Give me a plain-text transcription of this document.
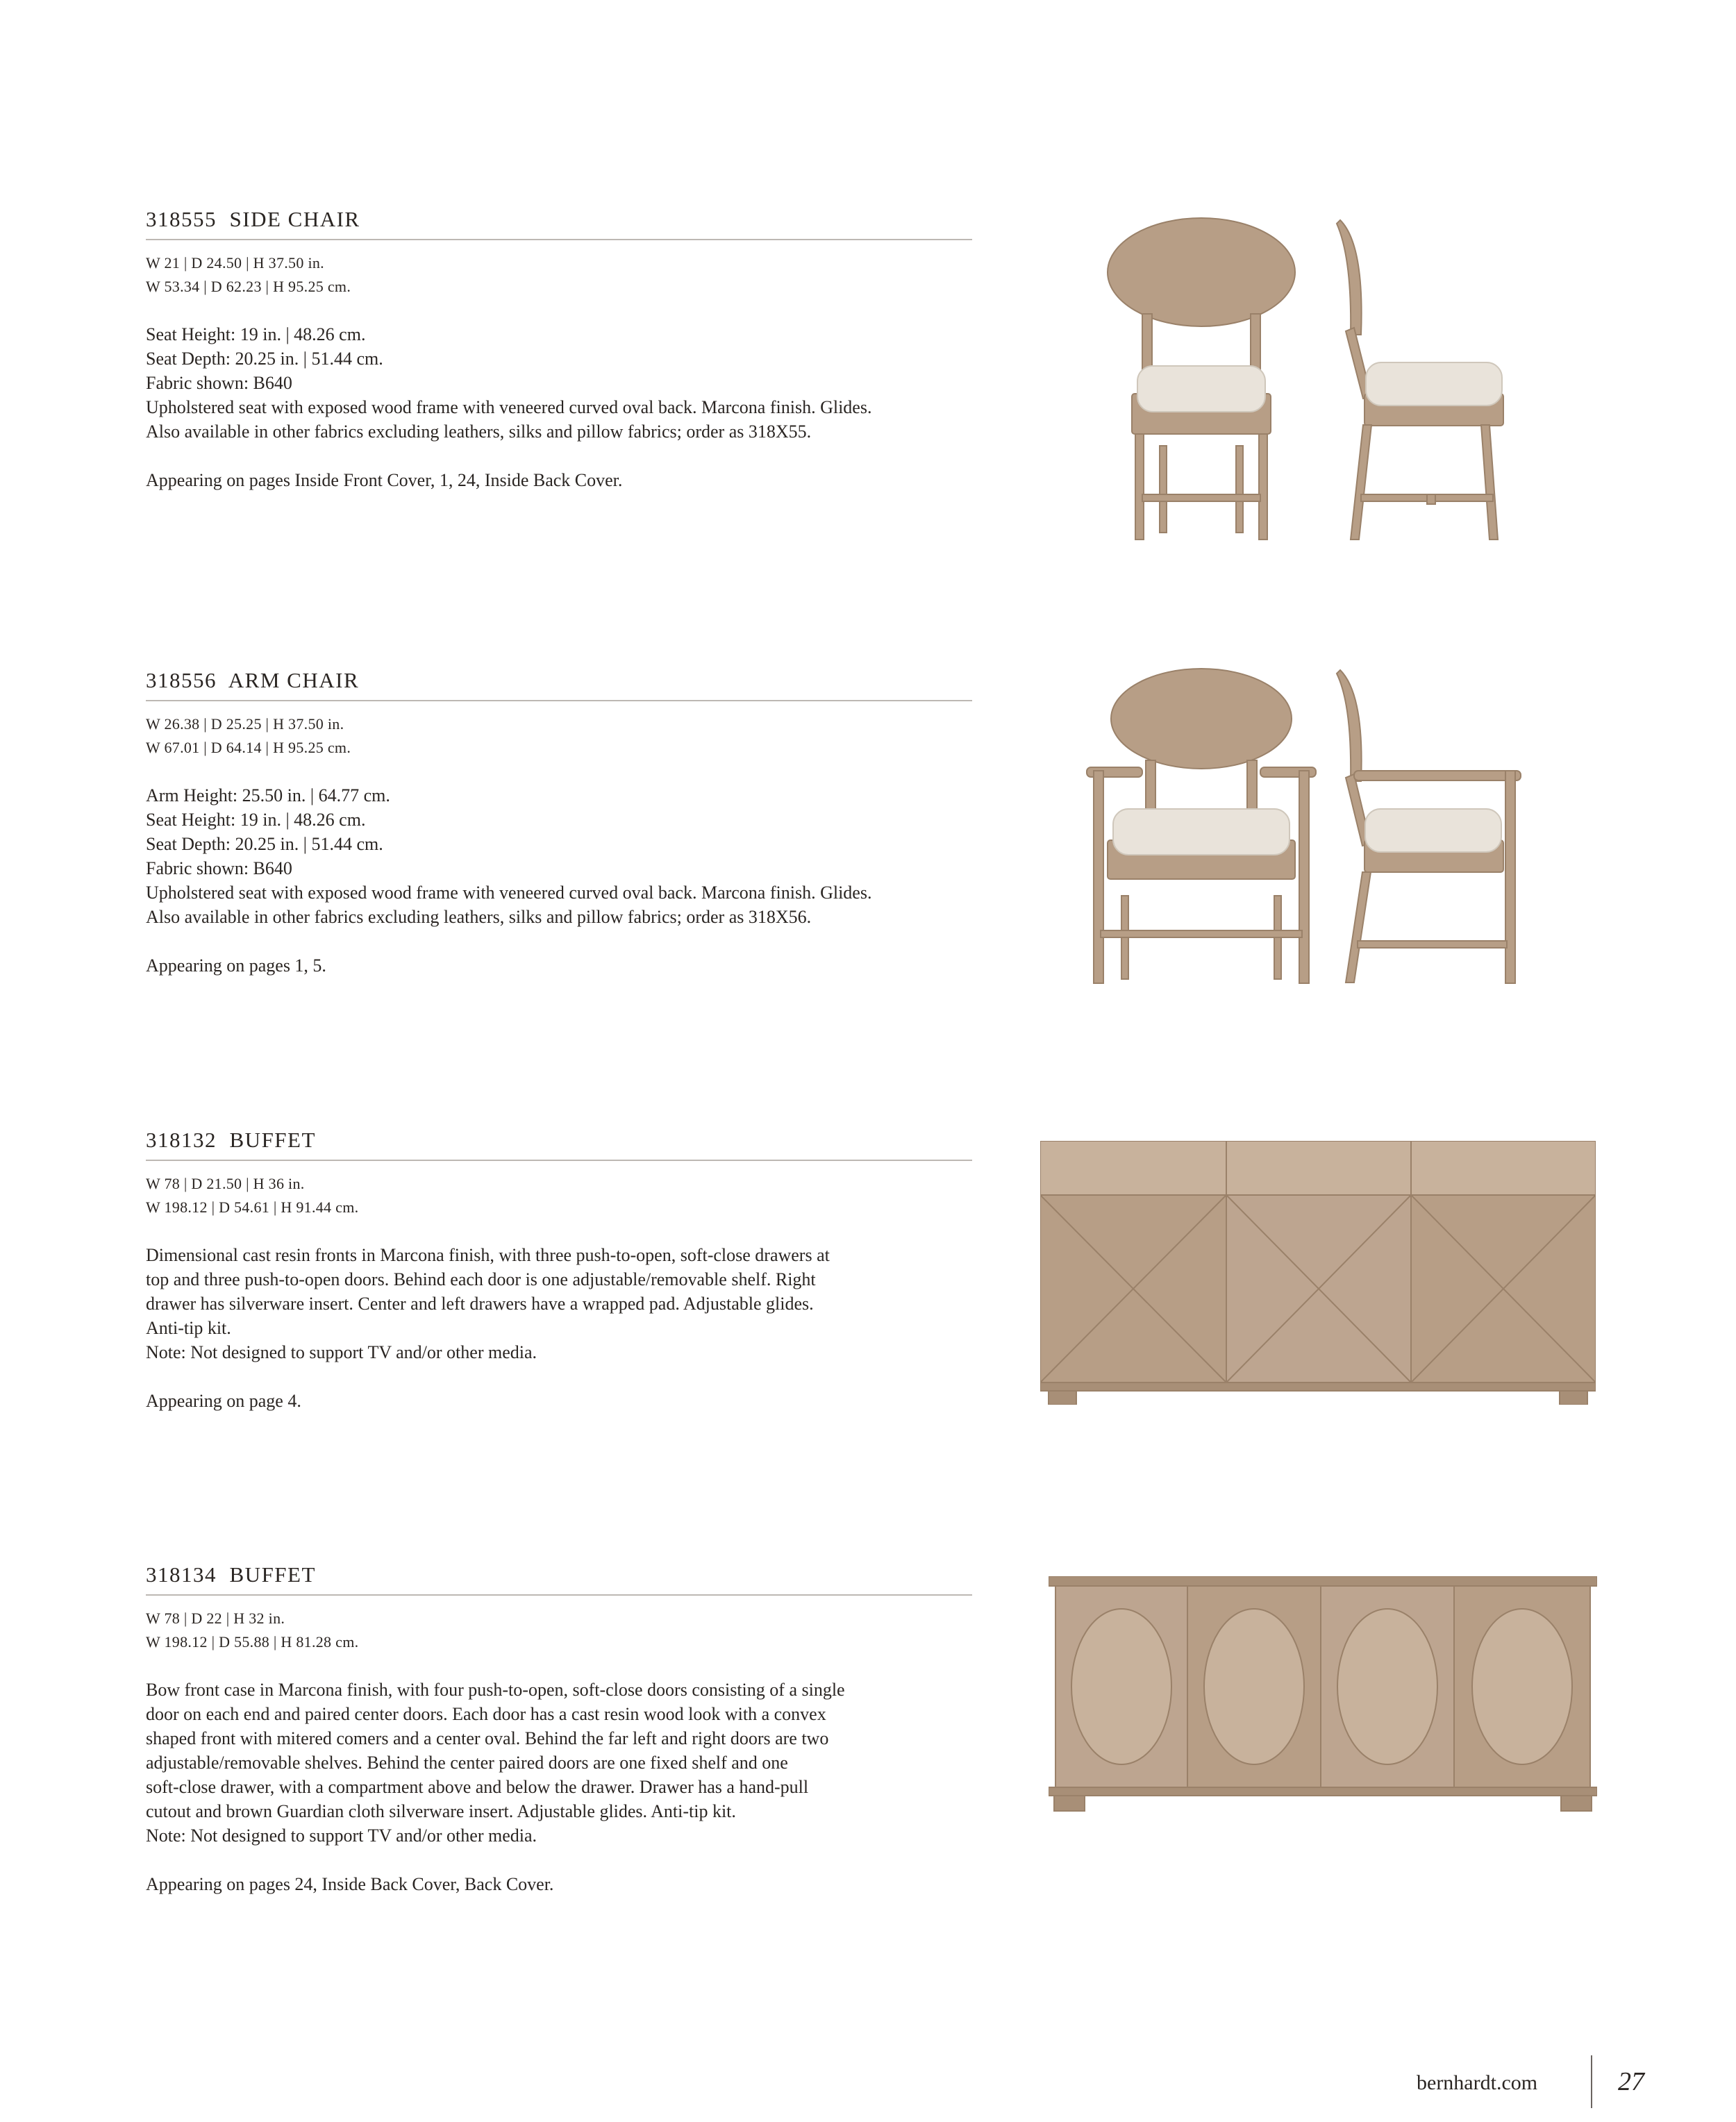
318555 SIDE CHAIR
W 21 | D 24.50 | H 37.50 in.
W 53.34 | D 62.23 | H 95.25 cm.
Seat Height: 19 in. | 48.26 cm.
Seat Depth: 20.25 in. | 51.44 cm.
Fabric shown: B640
Upholstered seat with exposed wood frame with veneered curved oval back. Marcona finish. Glides.
Also available in other fabrics excluding leathers, silks and pillow fabrics; order as 318X55.
Appearing on pages Inside Front Cover, 1, 24, Inside Back Cover.
318556 ARM CHAIR
W 26.38 | D 25.25 | H 37.50 in.
W 67.01 | D 64.14 | H 95.25 cm.
Arm Height: 25.50 in. | 64.77 cm.
Seat Height: 19 in. | 48.26 cm.
Seat Depth: 20.25 in. | 51.44 cm.
Fabric shown: B640
Upholstered seat with exposed wood frame with veneered curved oval back. Marcona finish. Glides.
Also available in other fabrics excluding leathers, silks and pillow fabrics; order as 318X56.
Appearing on pages 1, 5.
318132 BUFFET
W 78 | D 21.50 | H 36 in.
W 198.12 | D 54.61 | H 91.44 cm.
Dimensional cast resin fronts in Marcona finish, with three push-to-open, soft-close drawers at
top and three push-to-open doors. Behind each door is one adjustable/removable shelf. Right
drawer has silverware insert. Center and left drawers have a wrapped pad. Adjustable glides.
Anti-tip kit.
Note: Not designed to support TV and/or other media.
Appearing on page 4.
318134 BUFFET
W 78 | D 22 | H 32 in.
W 198.12 | D 55.88 | H 81.28 cm.
Bow front case in Marcona finish, with four push-to-open, soft-close doors consisting of a single
door on each end and paired center doors. Each door has a cast resin wood look with a convex
shaped front with mitered comers and a center oval. Behind the far left and right doors are two
adjustable/removable shelves. Behind the center paired doors are one fixed shelf and one
soft-close drawer, with a compartment above and below the drawer. Drawer has a hand-pull
cutout and brown Guardian cloth silverware insert. Adjustable glides. Anti-tip kit.
Note: Not designed to support TV and/or other media.
Appearing on pages 24, Inside Back Cover, Back Cover.
bernhardt.com	27
